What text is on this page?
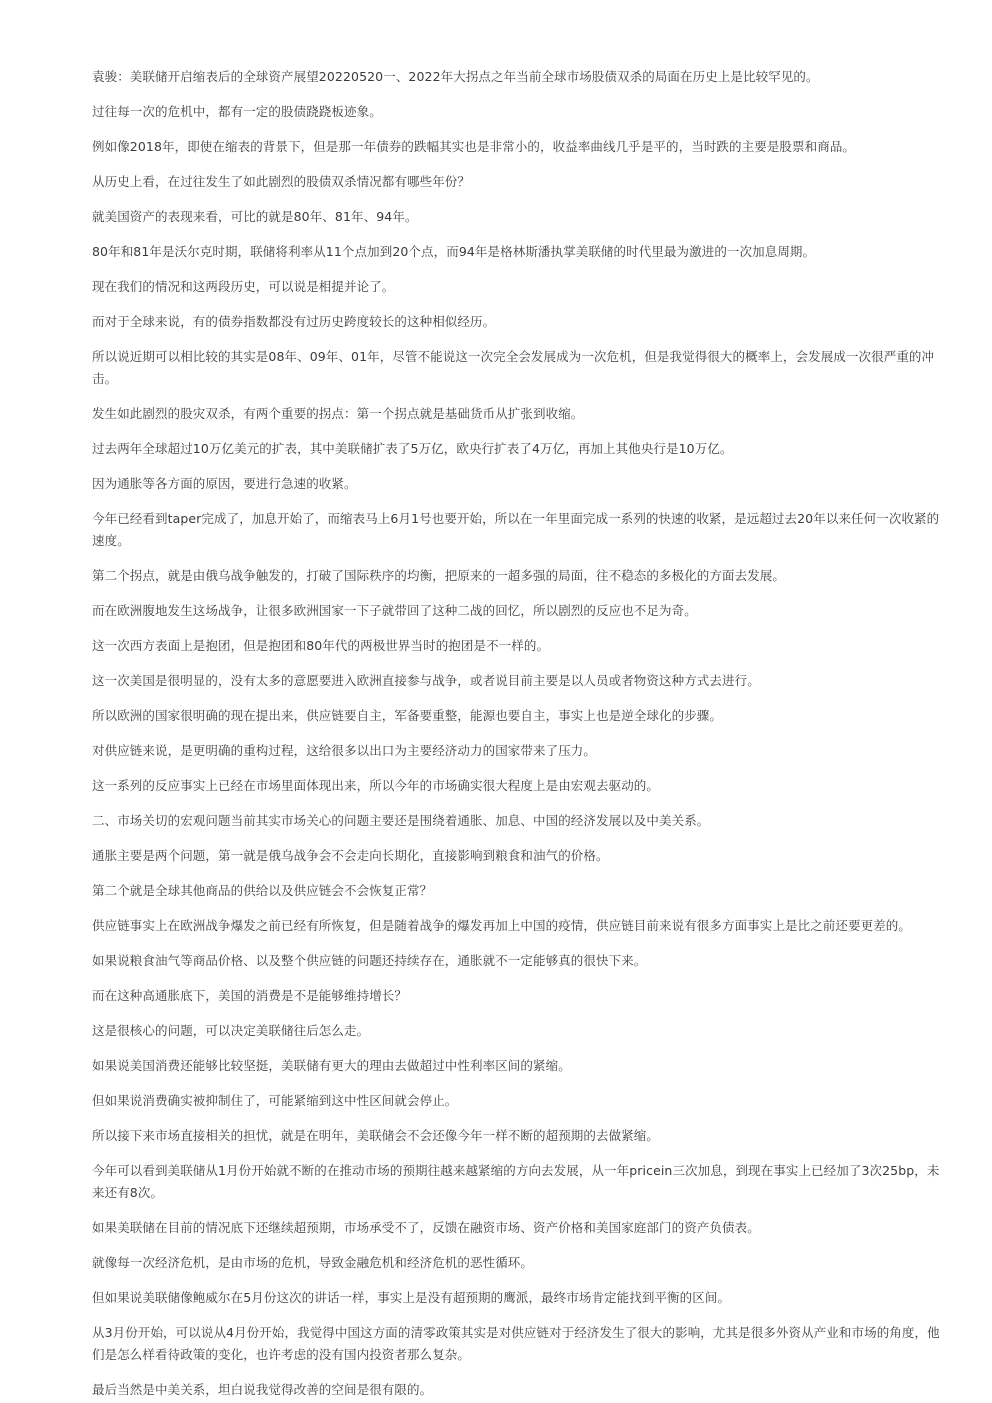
袁骏：美联储开启缩表后的全球资产展望20220520一、2022年大拐点之年当前全球市场股债双杀的局面在历史上是比较罕见的。

过往每一次的危机中，都有一定的股债跷跷板迹象。

例如像2018年，即使在缩表的背景下，但是那一年债券的跌幅其实也是非常小的，收益率曲线几乎是平的，当时跌的主要是股票和商品。

从历史上看，在过往发生了如此剧烈的股债双杀情况都有哪些年份？

就美国资产的表现来看，可比的就是80年、81年、94年。

80年和81年是沃尔克时期，联储将利率从11个点加到20个点，而94年是格林斯潘执掌美联储的时代里最为激进的一次加息周期。

现在我们的情况和这两段历史，可以说是相提并论了。

而对于全球来说，有的债券指数都没有过历史跨度较长的这种相似经历。

所以说近期可以相比较的其实是08年、09年、01年，尽管不能说这一次完全会发展成为一次危机，但是我觉得很大的概率上，会发展成一次很严重的冲击。

发生如此剧烈的股灾双杀，有两个重要的拐点：第一个拐点就是基础货币从扩张到收缩。

过去两年全球超过10万亿美元的扩表，其中美联储扩表了5万亿，欧央行扩表了4万亿，再加上其他央行是10万亿。

因为通胀等各方面的原因，要进行急速的收紧。

今年已经看到taper完成了，加息开始了，而缩表马上6月1号也要开始，所以在一年里面完成一系列的快速的收紧，是远超过去20年以来任何一次收紧的速度。

第二个拐点，就是由俄乌战争触发的，打破了国际秩序的均衡，把原来的一超多强的局面，往不稳态的多极化的方面去发展。

而在欧洲腹地发生这场战争，让很多欧洲国家一下子就带回了这种二战的回忆，所以剧烈的反应也不足为奇。

这一次西方表面上是抱团，但是抱团和80年代的两极世界当时的抱团是不一样的。

这一次美国是很明显的，没有太多的意愿要进入欧洲直接参与战争，或者说目前主要是以人员或者物资这种方式去进行。

所以欧洲的国家很明确的现在提出来，供应链要自主，军备要重整，能源也要自主，事实上也是逆全球化的步骤。

对供应链来说，是更明确的重构过程，这给很多以出口为主要经济动力的国家带来了压力。

这一系列的反应事实上已经在市场里面体现出来，所以今年的市场确实很大程度上是由宏观去驱动的。

二、市场关切的宏观问题当前其实市场关心的问题主要还是围绕着通胀、加息、中国的经济发展以及中美关系。

通胀主要是两个问题，第一就是俄乌战争会不会走向长期化，直接影响到粮食和油气的价格。

第二个就是全球其他商品的供给以及供应链会不会恢复正常？

供应链事实上在欧洲战争爆发之前已经有所恢复，但是随着战争的爆发再加上中国的疫情，供应链目前来说有很多方面事实上是比之前还要更差的。

如果说粮食油气等商品价格、以及整个供应链的问题还持续存在，通胀就不一定能够真的很快下来。

而在这种高通胀底下，美国的消费是不是能够维持增长？

这是很核心的问题，可以决定美联储往后怎么走。

如果说美国消费还能够比较坚挺，美联储有更大的理由去做超过中性利率区间的紧缩。

但如果说消费确实被抑制住了，可能紧缩到这中性区间就会停止。

所以接下来市场直接相关的担忧，就是在明年，美联储会不会还像今年一样不断的超预期的去做紧缩。

今年可以看到美联储从1月份开始就不断的在推动市场的预期往越来越紧缩的方向去发展，从一年pricein三次加息，到现在事实上已经加了3次25bp，未来还有8次。

如果美联储在目前的情况底下还继续超预期，市场承受不了，反馈在融资市场、资产价格和美国家庭部门的资产负债表。

就像每一次经济危机，是由市场的危机，导致金融危机和经济危机的恶性循环。

但如果说美联储像鲍威尔在5月份这次的讲话一样，事实上是没有超预期的鹰派，最终市场肯定能找到平衡的区间。

从3月份开始，可以说从4月份开始，我觉得中国这方面的清零政策其实是对供应链对于经济发生了很大的影响，尤其是很多外资从产业和市场的角度，他们是怎么样看待政策的变化，也许考虑的没有国内投资者那么复杂。

最后当然是中美关系，坦白说我觉得改善的空间是很有限的。
